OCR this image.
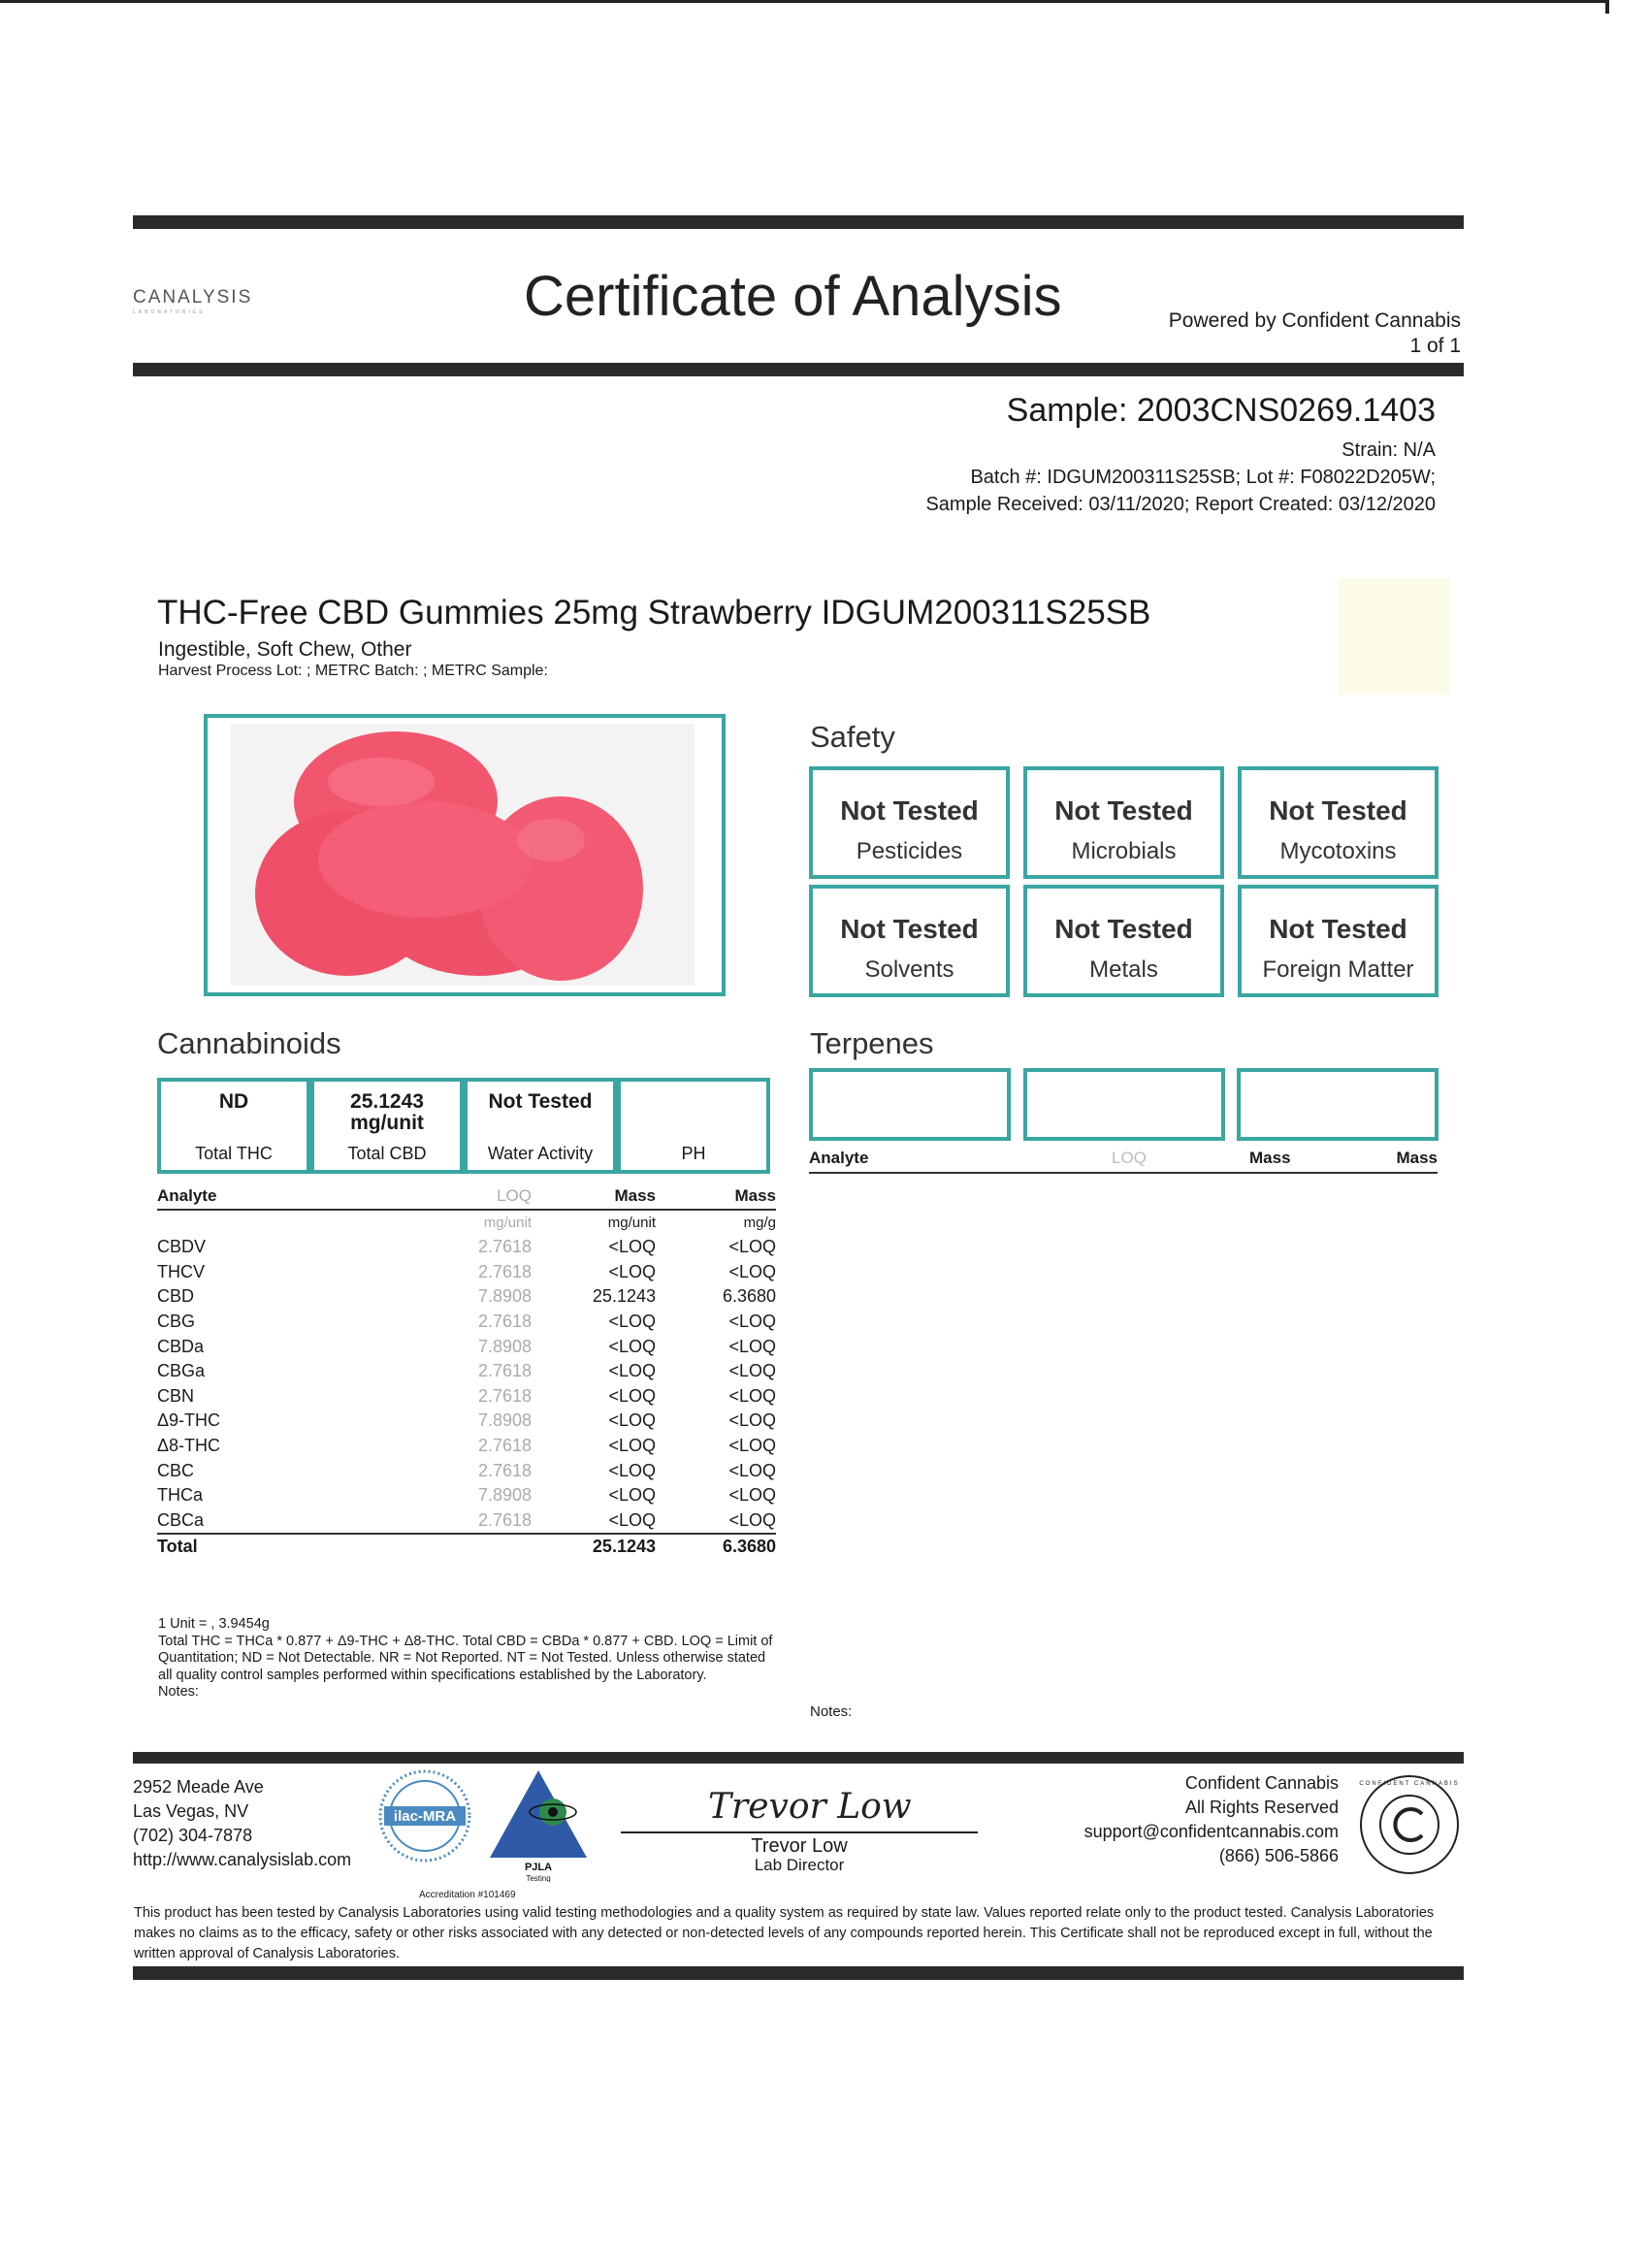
CANALYSIS
LABORATORIES	Certificate of Analysis	Powered by Confident Cannabis
1 of 1
Sample: 2003CNS0269.1403
Strain: N/A
Batch #: IDGUM200311S25SB; Lot #: F08022D205W;
Sample Received: 03/11/2020; Report Created: 03/12/2020
THC-Free CBD Gummies 25mg Strawberry IDGUM200311S25SB
Ingestible, Soft Chew, Other
Harvest Process Lot: ; METRC Batch: ; METRC Sample:
Safety
Not Tested
Pesticides
Not Tested
Microbials
Not Tested
Mycotoxins
Not Tested
Solvents
Not Tested
Metals
Not Tested
Foreign Matter
Cannabinoids
ND
Total THC
25.1243
mg/unit
Total CBD
Not Tested
Water Activity	PH
Analyte	LOQ	Mass	Mass
	mg/unit	mg/unit	mg/g
CBDV	2.7618	<LOQ	<LOQ
THCV	2.7618	<LOQ	<LOQ
CBD	7.8908	25.1243	6.3680
CBG	2.7618	<LOQ	<LOQ
CBDa	7.8908	<LOQ	<LOQ
CBGa	2.7618	<LOQ	<LOQ
CBN	2.7618	<LOQ	<LOQ
Δ9-THC	7.8908	<LOQ	<LOQ
Δ8-THC	2.7618	<LOQ	<LOQ
CBC	2.7618	<LOQ	<LOQ
THCa	7.8908	<LOQ	<LOQ
CBCa	2.7618	<LOQ	<LOQ
Total		25.1243	6.3680
Terpenes
Analyte	LOQ	Mass	Mass
1 Unit = , 3.9454g
Total THC = THCa * 0.877 + Δ9-THC + Δ8-THC. Total CBD = CBDa * 0.877 + CBD. LOQ = Limit of Quantitation; ND = Not Detectable. NR = Not Reported. NT = Not Tested. Unless otherwise stated all quality control samples performed within specifications established by the Laboratory.
Notes:
Notes:
2952 Meade Ave
Las Vegas, NV
(702) 304-7878
http://www.canalysislab.com
ilac-MRA
PJLA
Testing
Accreditation #101469
Trevor Low
Trevor Low
Lab Director
Confident Cannabis
All Rights Reserved
support@confidentcannabis.com
(866) 506-5866
CONFIDENT CANNABIS
This product has been tested by Canalysis Laboratories using valid testing methodologies and a quality system as required by state law. Values reported relate only to the product tested. Canalysis Laboratories makes no claims as to the efficacy, safety or other risks associated with any detected or non-detected levels of any compounds reported herein. This Certificate shall not be reproduced except in full, without the written approval of Canalysis Laboratories.
